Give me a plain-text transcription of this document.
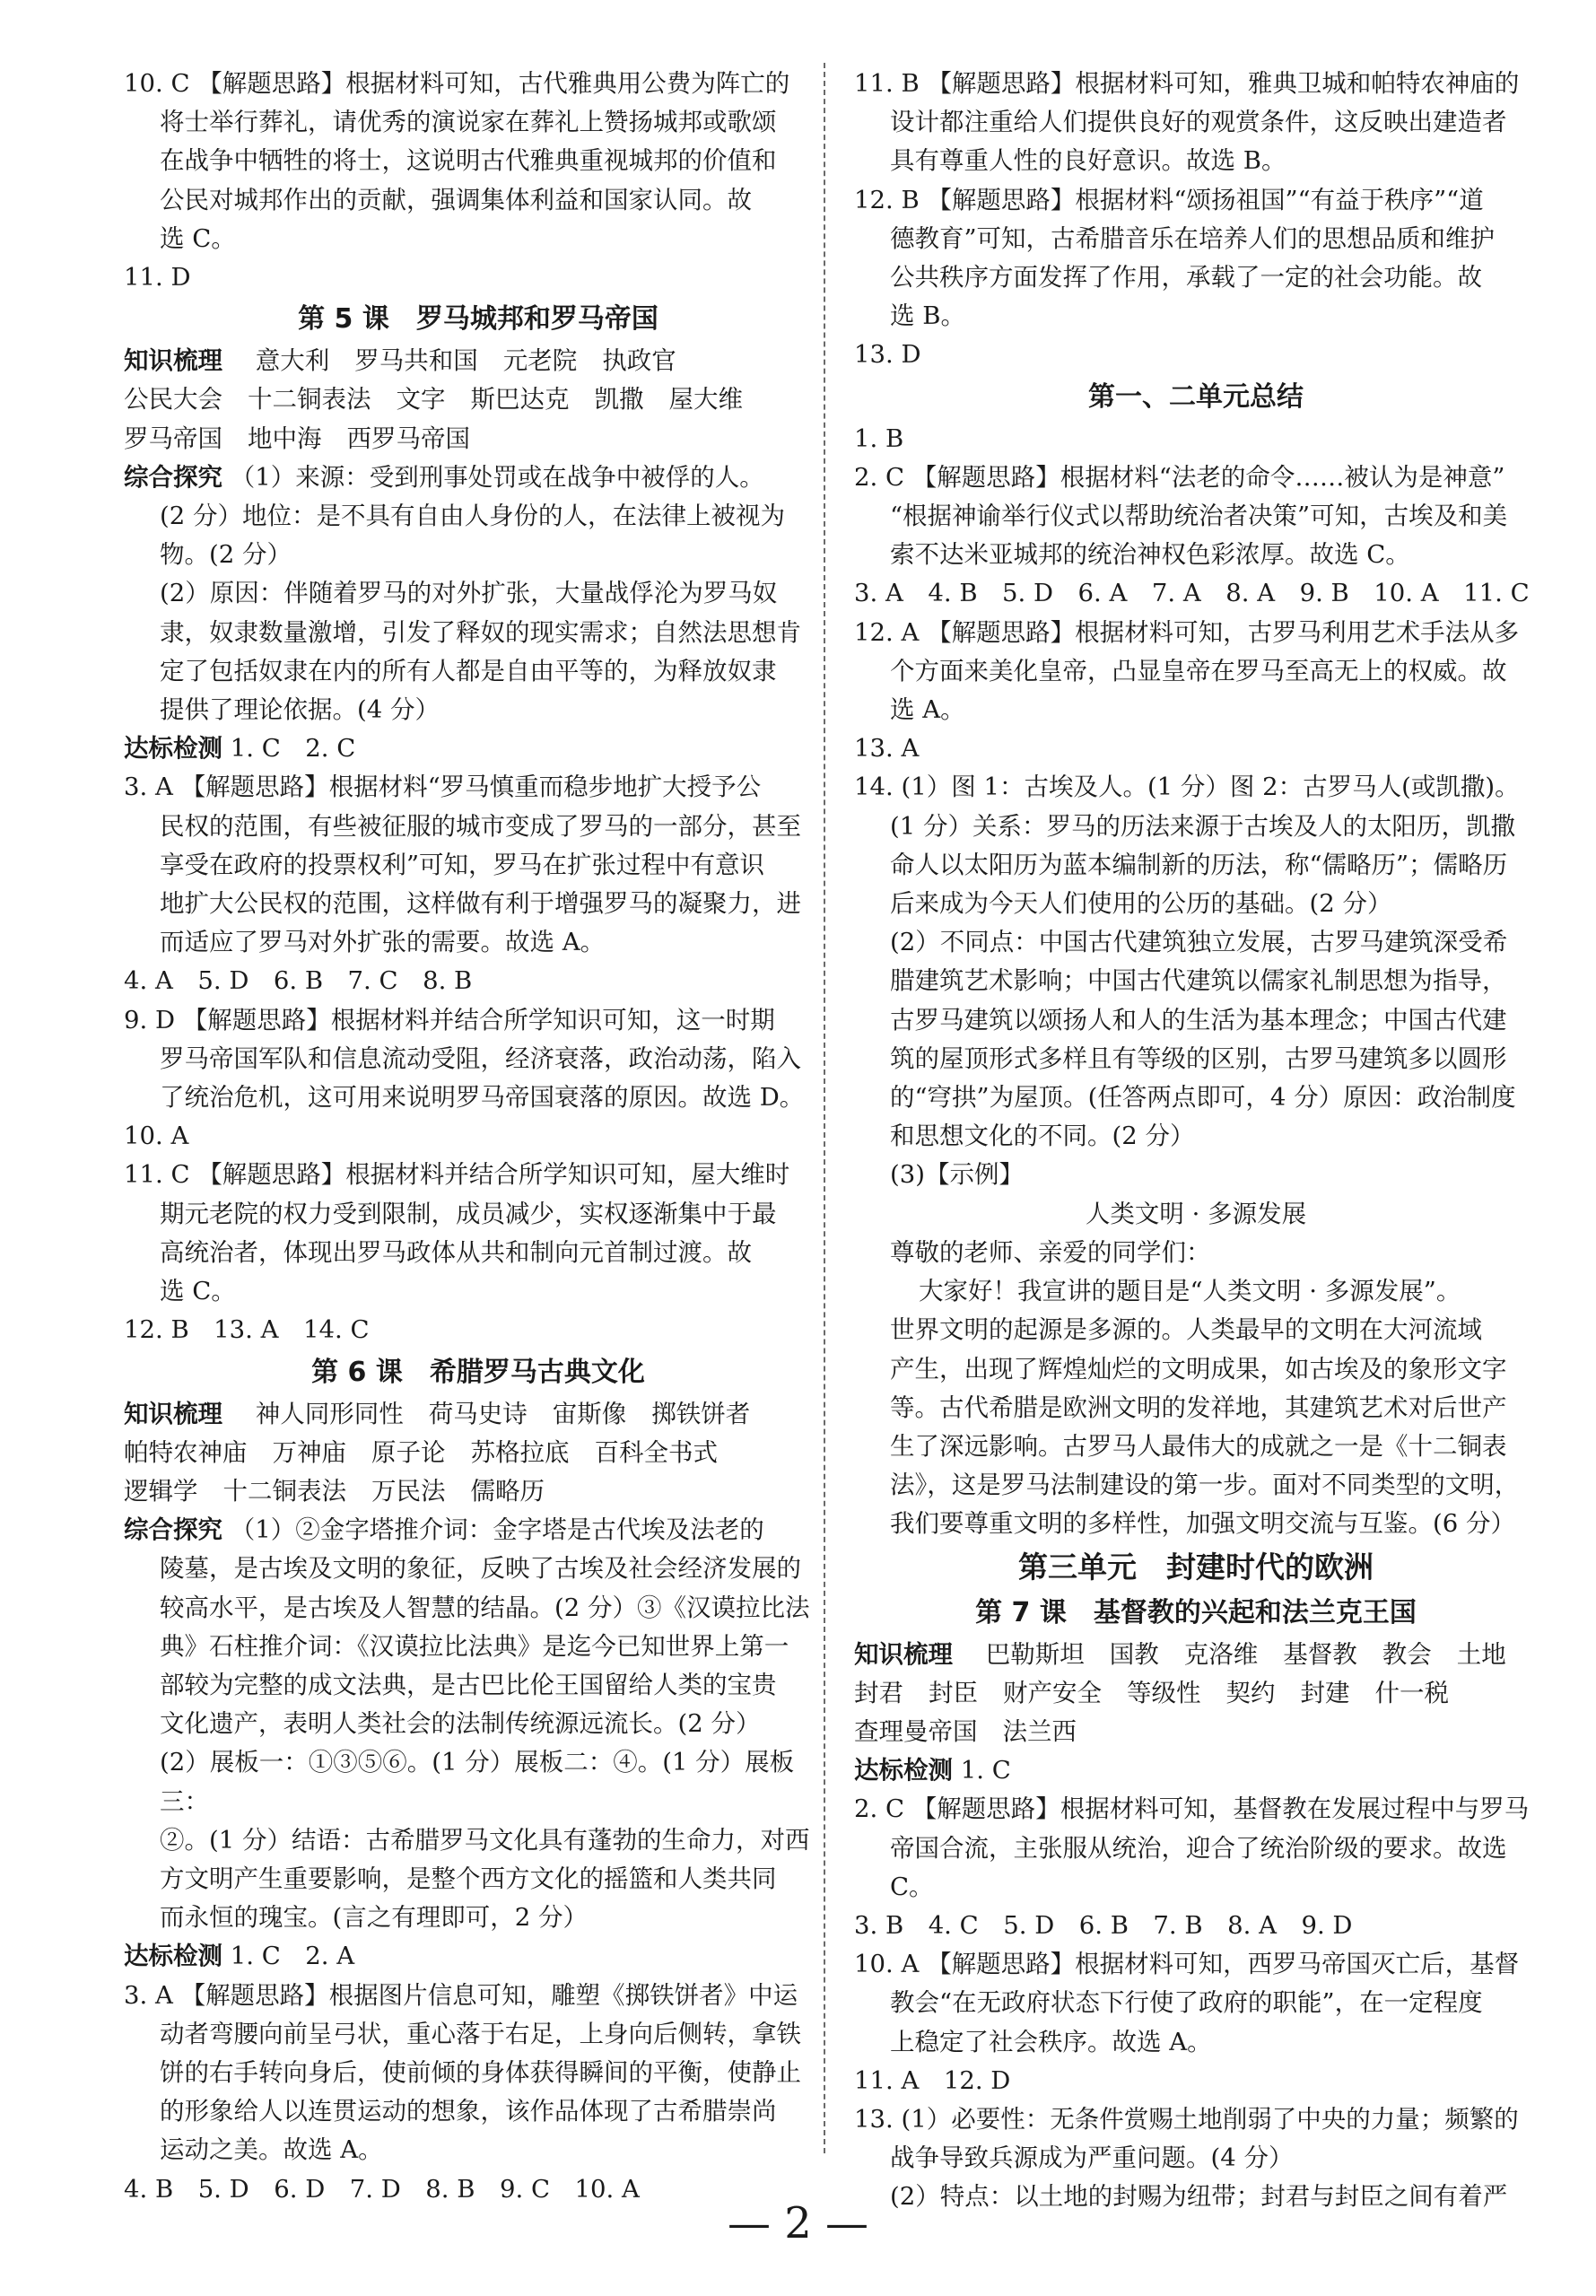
10. C 【解题思路】根据材料可知，古代雅典用公费为阵亡的

将士举行葬礼，请优秀的演说家在葬礼上赞扬城邦或歌颂

在战争中牺牲的将士，这说明古代雅典重视城邦的价值和

公民对城邦作出的贡献，强调集体利益和国家认同。故

选 C。

11. D

第 5 课　罗马城邦和罗马帝国

知识梳理 意大利 罗马共和国 元老院 执政官

公民大会 十二铜表法 文字 斯巴达克 凯撒 屋大维

罗马帝国 地中海 西罗马帝国

综合探究 （1）来源：受到刑事处罚或在战争中被俘的人。

(2 分）地位：是不具有自由人身份的人，在法律上被视为

物。(2 分）

(2）原因：伴随着罗马的对外扩张，大量战俘沦为罗马奴

隶，奴隶数量激增，引发了释奴的现实需求；自然法思想肯

定了包括奴隶在内的所有人都是自由平等的，为释放奴隶

提供了理论依据。(4 分）

达标检测 1. C　2. C

3. A 【解题思路】根据材料“罗马慎重而稳步地扩大授予公

民权的范围，有些被征服的城市变成了罗马的一部分，甚至

享受在政府的投票权利”可知，罗马在扩张过程中有意识

地扩大公民权的范围，这样做有利于增强罗马的凝聚力，进

而适应了罗马对外扩张的需要。故选 A。

4. A　5. D　6. B　7. C　8. B

9. D 【解题思路】根据材料并结合所学知识可知，这一时期

罗马帝国军队和信息流动受阻，经济衰落，政治动荡，陷入

了统治危机，这可用来说明罗马帝国衰落的原因。故选 D。

10. A

11. C 【解题思路】根据材料并结合所学知识可知，屋大维时

期元老院的权力受到限制，成员减少，实权逐渐集中于最

高统治者，体现出罗马政体从共和制向元首制过渡。故

选 C。

12. B　13. A　14. C

第 6 课　希腊罗马古典文化

知识梳理 神人同形同性 荷马史诗 宙斯像 掷铁饼者

帕特农神庙 万神庙 原子论 苏格拉底 百科全书式

逻辑学 十二铜表法 万民法 儒略历

综合探究 （1）②金字塔推介词：金字塔是古代埃及法老的

陵墓，是古埃及文明的象征，反映了古埃及社会经济发展的

较高水平，是古埃及人智慧的结晶。(2 分）③《汉谟拉比法

典》石柱推介词：《汉谟拉比法典》是迄今已知世界上第一

部较为完整的成文法典，是古巴比伦王国留给人类的宝贵

文化遗产，表明人类社会的法制传统源远流长。(2 分）

(2）展板一：①③⑤⑥。(1 分）展板二：④。(1 分）展板三：

②。(1 分）结语：古希腊罗马文化具有蓬勃的生命力，对西

方文明产生重要影响，是整个西方文化的摇篮和人类共同

而永恒的瑰宝。(言之有理即可，2 分）

达标检测 1. C　2. A

3. A 【解题思路】根据图片信息可知，雕塑《掷铁饼者》中运

动者弯腰向前呈弓状，重心落于右足，上身向后侧转，拿铁

饼的右手转向身后，使前倾的身体获得瞬间的平衡，使静止

的形象给人以连贯运动的想象，该作品体现了古希腊崇尚

运动之美。故选 A。

4. B　5. D　6. D　7. D　8. B　9. C　10. A

11. B 【解题思路】根据材料可知，雅典卫城和帕特农神庙的

设计都注重给人们提供良好的观赏条件，这反映出建造者

具有尊重人性的良好意识。故选 B。

12. B 【解题思路】根据材料“颂扬祖国”“有益于秩序”“道

德教育”可知，古希腊音乐在培养人们的思想品质和维护

公共秩序方面发挥了作用，承载了一定的社会功能。故

选 B。

13. D

第一、二单元总结

1. B

2. C 【解题思路】根据材料“法老的命令……被认为是神意”

“根据神谕举行仪式以帮助统治者决策”可知，古埃及和美

索不达米亚城邦的统治神权色彩浓厚。故选 C。

3. A　4. B　5. D　6. A　7. A　8. A　9. B　10. A　11. C

12. A 【解题思路】根据材料可知，古罗马利用艺术手法从多

个方面来美化皇帝，凸显皇帝在罗马至高无上的权威。故

选 A。

13. A

14. (1）图 1：古埃及人。(1 分）图 2：古罗马人(或凯撒)。

(1 分）关系：罗马的历法来源于古埃及人的太阳历，凯撒

命人以太阳历为蓝本编制新的历法，称“儒略历”；儒略历

后来成为今天人们使用的公历的基础。(2 分）

(2）不同点：中国古代建筑独立发展，古罗马建筑深受希

腊建筑艺术影响；中国古代建筑以儒家礼制思想为指导，

古罗马建筑以颂扬人和人的生活为基本理念；中国古代建

筑的屋顶形式多样且有等级的区别，古罗马建筑多以圆形

的“穹拱”为屋顶。(任答两点即可，4 分）原因：政治制度

和思想文化的不同。(2 分）

(3)【示例】

人类文明 · 多源发展

尊敬的老师、亲爱的同学们：

大家好！我宣讲的题目是“人类文明 · 多源发展”。

世界文明的起源是多源的。人类最早的文明在大河流域

产生，出现了辉煌灿烂的文明成果，如古埃及的象形文字

等。古代希腊是欧洲文明的发祥地，其建筑艺术对后世产

生了深远影响。古罗马人最伟大的成就之一是《十二铜表

法》，这是罗马法制建设的第一步。面对不同类型的文明，

我们要尊重文明的多样性，加强文明交流与互鉴。(6 分）

第三单元　封建时代的欧洲

第 7 课　基督教的兴起和法兰克王国

知识梳理 巴勒斯坦 国教 克洛维 基督教 教会 土地

封君 封臣 财产安全 等级性 契约 封建 什一税

查理曼帝国 法兰西

达标检测 1. C

2. C 【解题思路】根据材料可知，基督教在发展过程中与罗马

帝国合流，主张服从统治，迎合了统治阶级的要求。故选 C。

3. B　4. C　5. D　6. B　7. B　8. A　9. D

10. A 【解题思路】根据材料可知，西罗马帝国灭亡后，基督

教会“在无政府状态下行使了政府的职能”，在一定程度

上稳定了社会秩序。故选 A。

11. A　12. D

13. (1）必要性：无条件赏赐土地削弱了中央的力量；频繁的

战争导致兵源成为严重问题。(4 分）

(2）特点：以土地的封赐为纽带；封君与封臣之间有着严

— 2 —
